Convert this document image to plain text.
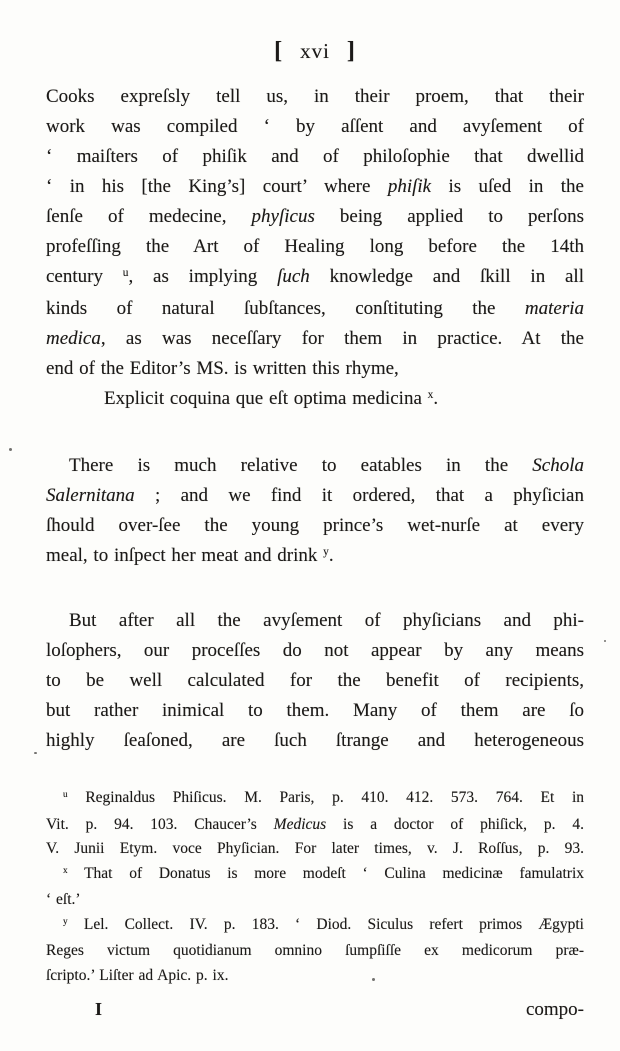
[ xvi ]
Cooks expreſsly tell us, in their proem, that their
work was compiled ‘ by aſſent and avyſement of
‘ maiſters of phiſik and of philoſophie that dwellid
‘ in his [the King’s] court’ where phiſik is uſed in the
ſenſe of medecine, phyſicus being applied to perſons
profeſſing the Art of Healing long before the 14th
century $^u$, as implying ſuch knowledge and ſkill in all
kinds of natural ſubſtances, conſtituting the materia
medica, as was neceſſary for them in practice. At the
end of the Editor’s MS. is written this rhyme,
Explicit coquina que eſt optima medicina $^x$.
There is much relative to eatables in the Schola
Salernitana ; and we find it ordered, that a phyſician
ſhould over-ſee the young prince’s wet-nurſe at every
meal, to inſpect her meat and drink $^y$.
But after all the avyſement of phyſicians and phi-
loſophers, our proceſſes do not appear by any means
to be well calculated for the benefit of recipients,
but rather inimical to them. Many of them are ſo
highly ſeaſoned, are ſuch ſtrange and heterogeneous
$^u$ Reginaldus Phiſicus. M. Paris, p. 410. 412. 573. 764. Et in
Vit. p. 94. 103. Chaucer’s Medicus is a doctor of phiſick, p. 4.
V. Junii Etym. voce Phyſician. For later times, v. J. Roſſus, p. 93.
$^x$ That of Donatus is more modeſt ‘ Culina medicinæ famulatrix
‘ eſt.’
$^y$ Lel. Collect. IV. p. 183. ‘ Diod. Siculus refert primos Ægypti
Reges victum quotidianum omnino ſumpſiſſe ex medicorum præ-
ſcripto.’ Liſter ad Apic. p. ix.
I	compo-
